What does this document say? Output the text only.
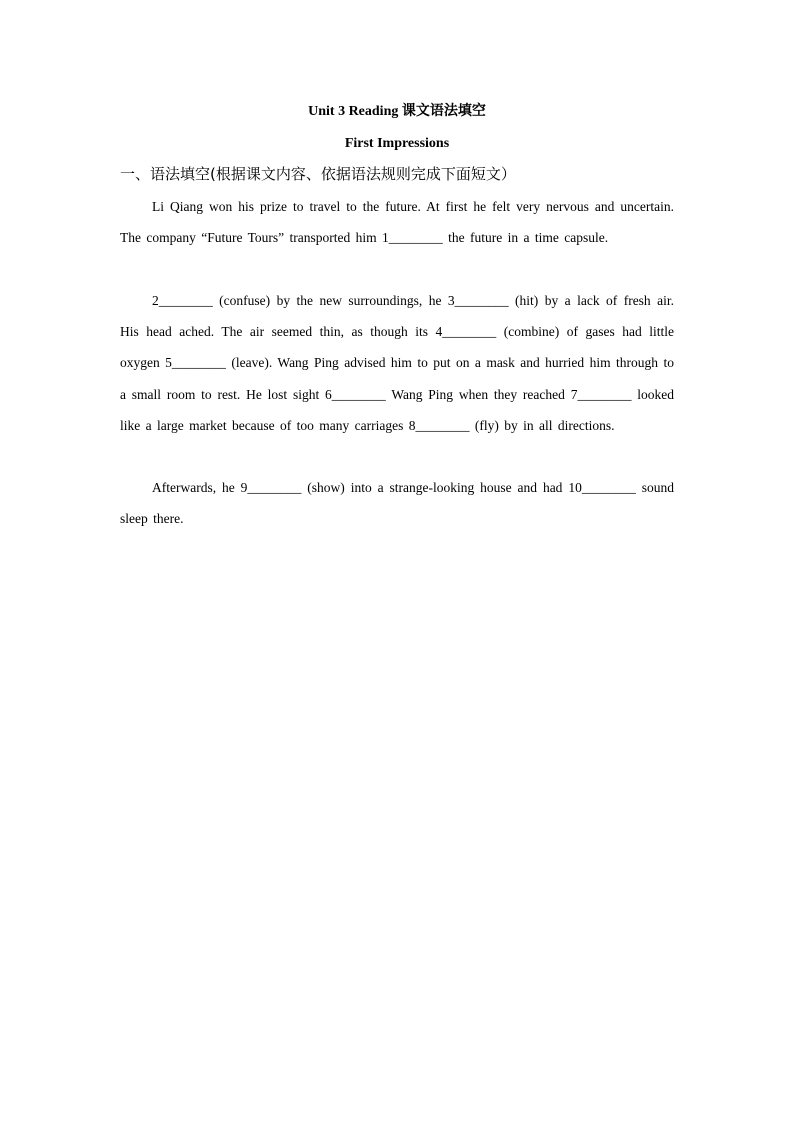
Unit 3 Reading 课文语法填空
First Impressions
一、语法填空(根据课文内容、依据语法规则完成下面短文）

Li Qiang won his prize to travel to the future. At first he felt very nervous and uncertain. The company “Future Tours” transported him 1________ the future in a time capsule.

2________ (confuse) by the new surroundings, he 3________ (hit) by a lack of fresh air. His head ached. The air seemed thin, as though its 4________ (combine) of gases had little oxygen 5________ (leave). Wang Ping advised him to put on a mask and hurried him through to a small room to rest. He lost sight 6________ Wang Ping when they reached 7________ looked like a large market because of too many carriages 8________ (fly) by in all directions.

Afterwards, he 9________ (show) into a strange-looking house and had 10________ sound sleep there.
